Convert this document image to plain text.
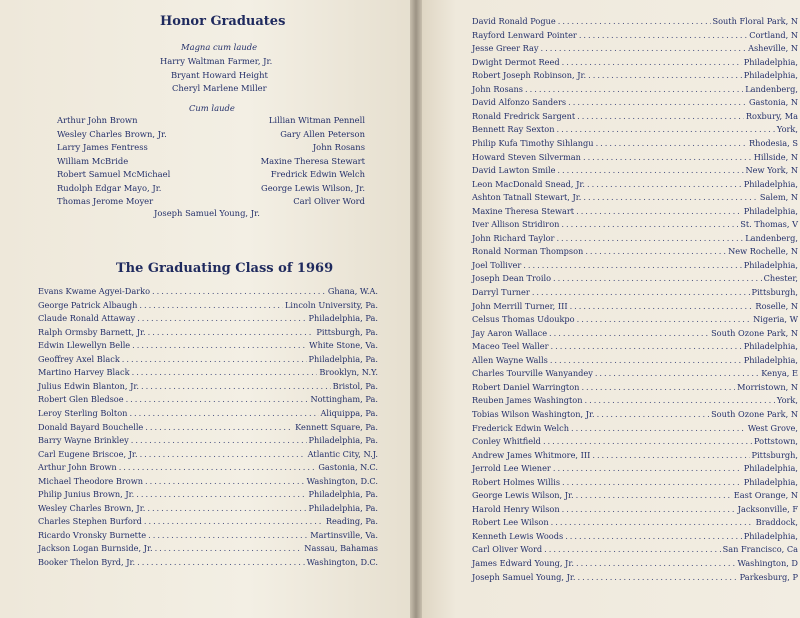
Honor Graduates
Magna cum laude
Harry Waltman Farmer, Jr.
Bryant Howard Height
Cheryl Marlene Miller
Cum laude
Arthur John Brown
Wesley Charles Brown, Jr.
Larry James Fentress
William McBride
Robert Samuel McMichael
Rudolph Edgar Mayo, Jr.
Thomas Jerome Moyer
Lillian Witman Pennell
Gary Allen Peterson
John Rosans
Maxine Theresa Stewart
Fredrick Edwin Welch
George Lewis Wilson, Jr.
Carl Oliver Word
Joseph Samuel Young, Jr.
The Graduating Class of 1969
Evans Kwame Agyei-Darko .....	Ghana, W.A.
George Patrick Albaugh .....	Lincoln University, Pa.
Claude Ronald Attaway .....	Philadelphia, Pa.
Ralph Ormsby Barnett, Jr. .....	Pittsburgh, Pa.
Edwin Llewellyn Belle .....	White Stone, Va.
Geoffrey Axel Black .....	Philadelphia, Pa.
Martino Harvey Black .....	Brooklyn, N.Y.
Julius Edwin Blanton, Jr. .....	Bristol, Pa.
Robert Glen Bledsoe .....	Nottingham, Pa.
Leroy Sterling Bolton .....	Aliquippa, Pa.
Donald Bayard Bouchelle .....	Kennett Square, Pa.
Barry Wayne Brinkley .....	Philadelphia, Pa.
Carl Eugene Briscoe, Jr. .....	Atlantic City, N.J.
Arthur John Brown .....	Gastonia, N.C.
Michael Theodore Brown .....	Washington, D.C.
Philip Junius Brown, Jr. .....	Philadelphia, Pa.
Wesley Charles Brown, Jr. .....	Philadelphia, Pa.
Charles Stephen Burford .....	Reading, Pa.
Ricardo Vronsky Burnette .....	Martinsville, Va.
Jackson Logan Burnside, Jr. .....	Nassau, Bahamas
Booker Thelon Byrd, Jr. .....	Washington, D.C.
David Ronald Pogue .....	South Floral Park, N
Rayford Lenward Pointer .....	Cortland, N
Jesse Greer Ray .....	Asheville, N
Dwight Dermot Reed .....	Philadelphia,
Robert Joseph Robinson, Jr. .....	Philadelphia,
John Rosans .....	Landenberg,
David Alfonzo Sanders .....	Gastonia, N
Ronald Fredrick Sargent .....	Roxbury, Ma
Bennett Ray Sexton .....	York,
Philip Kufa Timothy Sihlangu .....	Rhodesia, S
Howard Steven Silverman .....	Hillside, N
David Lawton Smile .....	New York, N
Leon MacDonald Snead, Jr. .....	Philadelphia,
Ashton Tatnall Stewart, Jr. .....	Salem, N
Maxine Theresa Stewart .....	Philadelphia,
Iver Allison Stridiron .....	St. Thomas, V
John Richard Taylor .....	Landenberg,
Ronald Norman Thompson .....	New Rochelle, N
Joel Tolliver .....	Philadelphia,
Joseph Dean Troilo .....	Chester,
Darryl Turner .....	Pittsburgh,
John Merrill Turner, III .....	Roselle, N
Celsus Thomas Udoukpo .....	Nigeria, W
Jay Aaron Wallace .....	South Ozone Park, N
Maceo Teel Waller .....	Philadelphia,
Allen Wayne Walls .....	Philadelphia,
Charles Tourville Wanyandey .....	Kenya, E
Robert Daniel Warrington .....	Morristown, N
Reuben James Washington .....	York,
Tobias Wilson Washington, Jr. .....	South Ozone Park, N
Frederick Edwin Welch .....	West Grove,
Conley Whitfield .....	Pottstown,
Andrew James Whitmore, III .....	Pittsburgh,
Jerrold Lee Wiener .....	Philadelphia,
Robert Holmes Willis .....	Philadelphia,
George Lewis Wilson, Jr. .....	East Orange, N
Harold Henry Wilson .....	Jacksonville, F
Robert Lee Wilson .....	Braddock,
Kenneth Lewis Woods .....	Philadelphia,
Carl Oliver Word .....	San Francisco, Ca
James Edward Young, Jr. .....	Washington, D
Joseph Samuel Young, Jr. .....	Parkesburg, P
